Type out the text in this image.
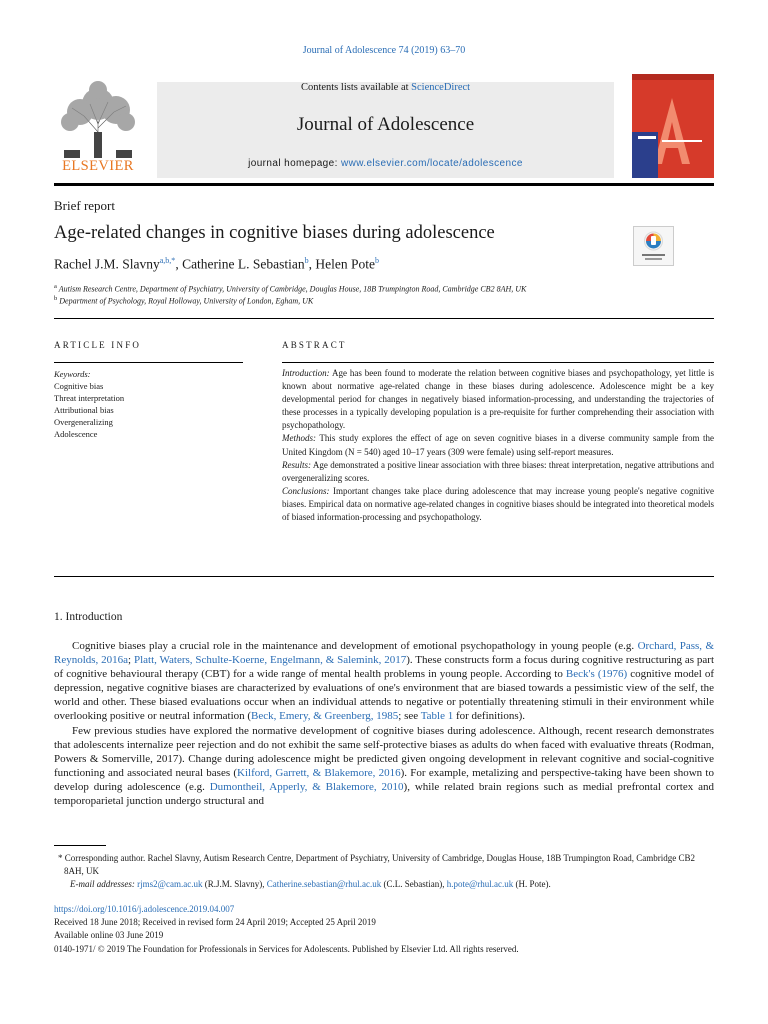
Journal of Adolescence 74 (2019) 63–70
ELSEVIER
Contents lists available at ScienceDirect
Journal of Adolescence
journal homepage: www.elsevier.com/locate/adolescence
Brief report
Age-related changes in cognitive biases during adolescence
Rachel J.M. Slavny$^{a,b,*}$, Catherine L. Sebastian$^b$, Helen Pote$^b$
$^a$ Autism Research Centre, Department of Psychiatry, University of Cambridge, Douglas House, 18B Trumpington Road, Cambridge CB2 8AH, UK
$^b$ Department of Psychology, Royal Holloway, University of London, Egham, UK
ARTICLE INFO	ABSTRACT
Keywords:
Cognitive bias
Threat interpretation
Attributional bias
Overgeneralizing
Adolescence

Introduction: Age has been found to moderate the relation between cognitive biases and psychopathology, yet little is known about normative age-related change in these biases during adolescence. Adolescence might be a key developmental period for changes in negatively biased information-processing, and understanding the trajectories of these processes in a typically developing population is a pre-requisite for further comprehending their association with psychopathology.

Methods: This study explores the effect of age on seven cognitive biases in a diverse community sample from the United Kingdom (N = 540) aged 10–17 years (309 were female) using self-report measures.

Results: Age demonstrated a positive linear association with three biases: threat interpretation, negative attributions and overgeneralizing scores.

Conclusions: Important changes take place during adolescence that may increase young people's negative cognitive biases. Empirical data on normative age-related changes in cognitive biases should be integrated into theoretical models of biased information-processing and psychopathology.

1. Introduction

Cognitive biases play a crucial role in the maintenance and development of emotional psychopathology in young people (e.g. Orchard, Pass, & Reynolds, 2016a; Platt, Waters, Schulte-Koerne, Engelmann, & Salemink, 2017). These constructs form a focus during cognitive restructuring as part of cognitive behavioural therapy (CBT) for a wide range of mental health problems in young people. According to Beck's (1976) cognitive model of depression, negative cognitive biases are characterized by evaluations of one's environment that are biased towards a pessimistic view of the self, the world and other. These biased evaluations occur when an individual attends to negative or potentially threatening stimuli in their environment while overlooking positive or neutral information (Beck, Emery, & Greenberg, 1985; see Table 1 for definitions).

Few previous studies have explored the normative development of cognitive biases during adolescence. Although, recent research demonstrates that adolescents internalize peer rejection and do not exhibit the same self-protective biases as adults do when faced with evaluative threats (Rodman, Powers & Somerville, 2017). Change during adolescence might be predicted given ongoing development in relevant cognitive and social-cognitive functioning and associated neural bases (Kilford, Garrett, & Blakemore, 2016). For example, metalizing and perspective-taking have been shown to develop during adolescence (e.g. Dumontheil, Apperly, & Blakemore, 2010), while related brain regions such as medial prefrontal cortex and temporoparietal junction undergo structural and

* Corresponding author. Rachel Slavny, Autism Research Centre, Department of Psychiatry, University of Cambridge, Douglas House, 18B Trumpington Road, Cambridge CB2 8AH, UK

E-mail addresses: rjms2@cam.ac.uk (R.J.M. Slavny), Catherine.sebastian@rhul.ac.uk (C.L. Sebastian), h.pote@rhul.ac.uk (H. Pote).

https://doi.org/10.1016/j.adolescence.2019.04.007

Received 18 June 2018; Received in revised form 24 April 2019; Accepted 25 April 2019

Available online 03 June 2019

0140-1971/ © 2019 The Foundation for Professionals in Services for Adolescents. Published by Elsevier Ltd. All rights reserved.
